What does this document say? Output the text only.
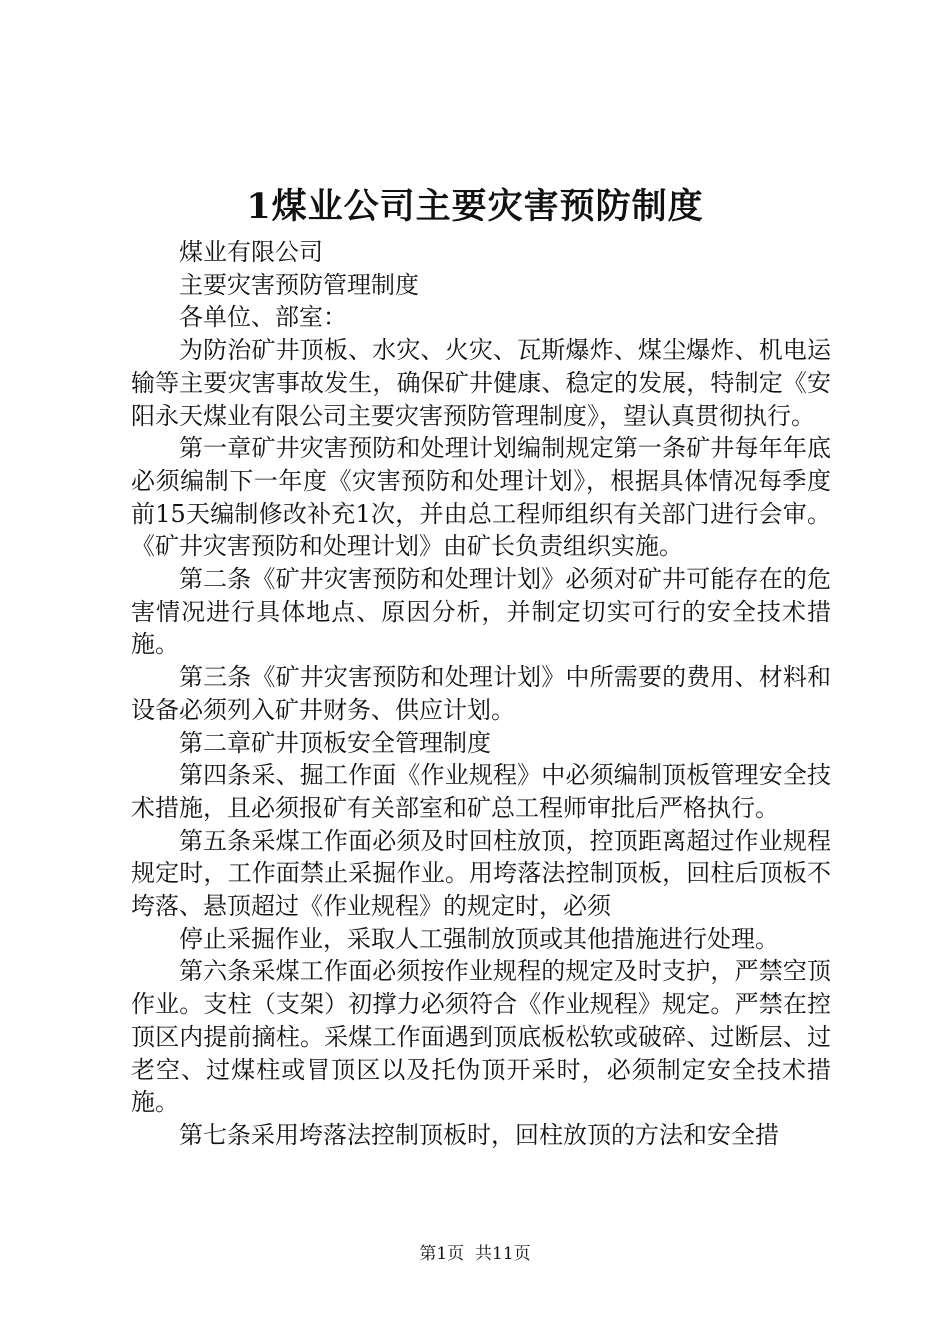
1煤业公司主要灾害预防制度

煤业有限公司

主要灾害预防管理制度

各单位、部室：

为防治矿井顶板、水灾、火灾、瓦斯爆炸、煤尘爆炸、机电运输等主要灾害事故发生，确保矿井健康、稳定的发展，特制定《安阳永天煤业有限公司主要灾害预防管理制度》，望认真贯彻执行。

第一章矿井灾害预防和处理计划编制规定第一条矿井每年年底必须编制下一年度《灾害预防和处理计划》，根据具体情况每季度前15天编制修改补充1次，并由总工程师组织有关部门进行会审。《矿井灾害预防和处理计划》由矿长负责组织实施。

第二条《矿井灾害预防和处理计划》必须对矿井可能存在的危害情况进行具体地点、原因分析，并制定切实可行的安全技术措施。

第三条《矿井灾害预防和处理计划》中所需要的费用、材料和设备必须列入矿井财务、供应计划。

第二章矿井顶板安全管理制度

第四条采、掘工作面《作业规程》中必须编制顶板管理安全技术措施，且必须报矿有关部室和矿总工程师审批后严格执行。

第五条采煤工作面必须及时回柱放顶，控顶距离超过作业规程规定时，工作面禁止采掘作业。用垮落法控制顶板，回柱后顶板不垮落、悬顶超过《作业规程》的规定时，必须

停止采掘作业，采取人工强制放顶或其他措施进行处理。

第六条采煤工作面必须按作业规程的规定及时支护，严禁空顶作业。支柱（支架）初撑力必须符合《作业规程》规定。严禁在控顶区内提前摘柱。采煤工作面遇到顶底板松软或破碎、过断层、过老空、过煤柱或冒顶区以及托伪顶开采时，必须制定安全技术措施。

第七条采用垮落法控制顶板时，回柱放顶的方法和安全措

第1页 共11页
